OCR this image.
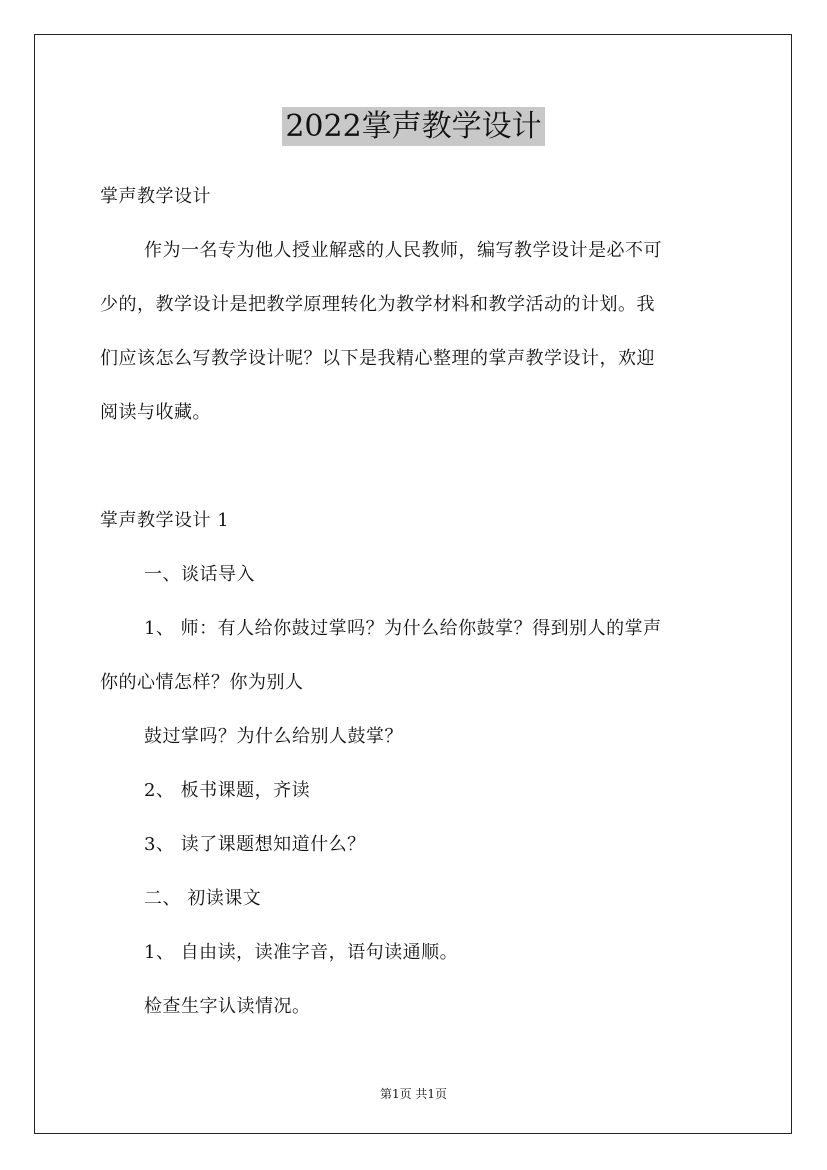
2022掌声教学设计
掌声教学设计
作为一名专为他人授业解惑的人民教师，编写教学设计是必不可
少的，教学设计是把教学原理转化为教学材料和教学活动的计划。我
们应该怎么写教学设计呢？以下是我精心整理的掌声教学设计，欢迎
阅读与收藏。
掌声教学设计 1
一、谈话导入
1、 师：有人给你鼓过掌吗？为什么给你鼓掌？得到别人的掌声
你的心情怎样？你为别人
鼓过掌吗？为什么给别人鼓掌？
2、 板书课题，齐读
3、 读了课题想知道什么？
二、 初读课文
1、 自由读，读准字音，语句读通顺。
检查生字认读情况。
第1页 共1页
